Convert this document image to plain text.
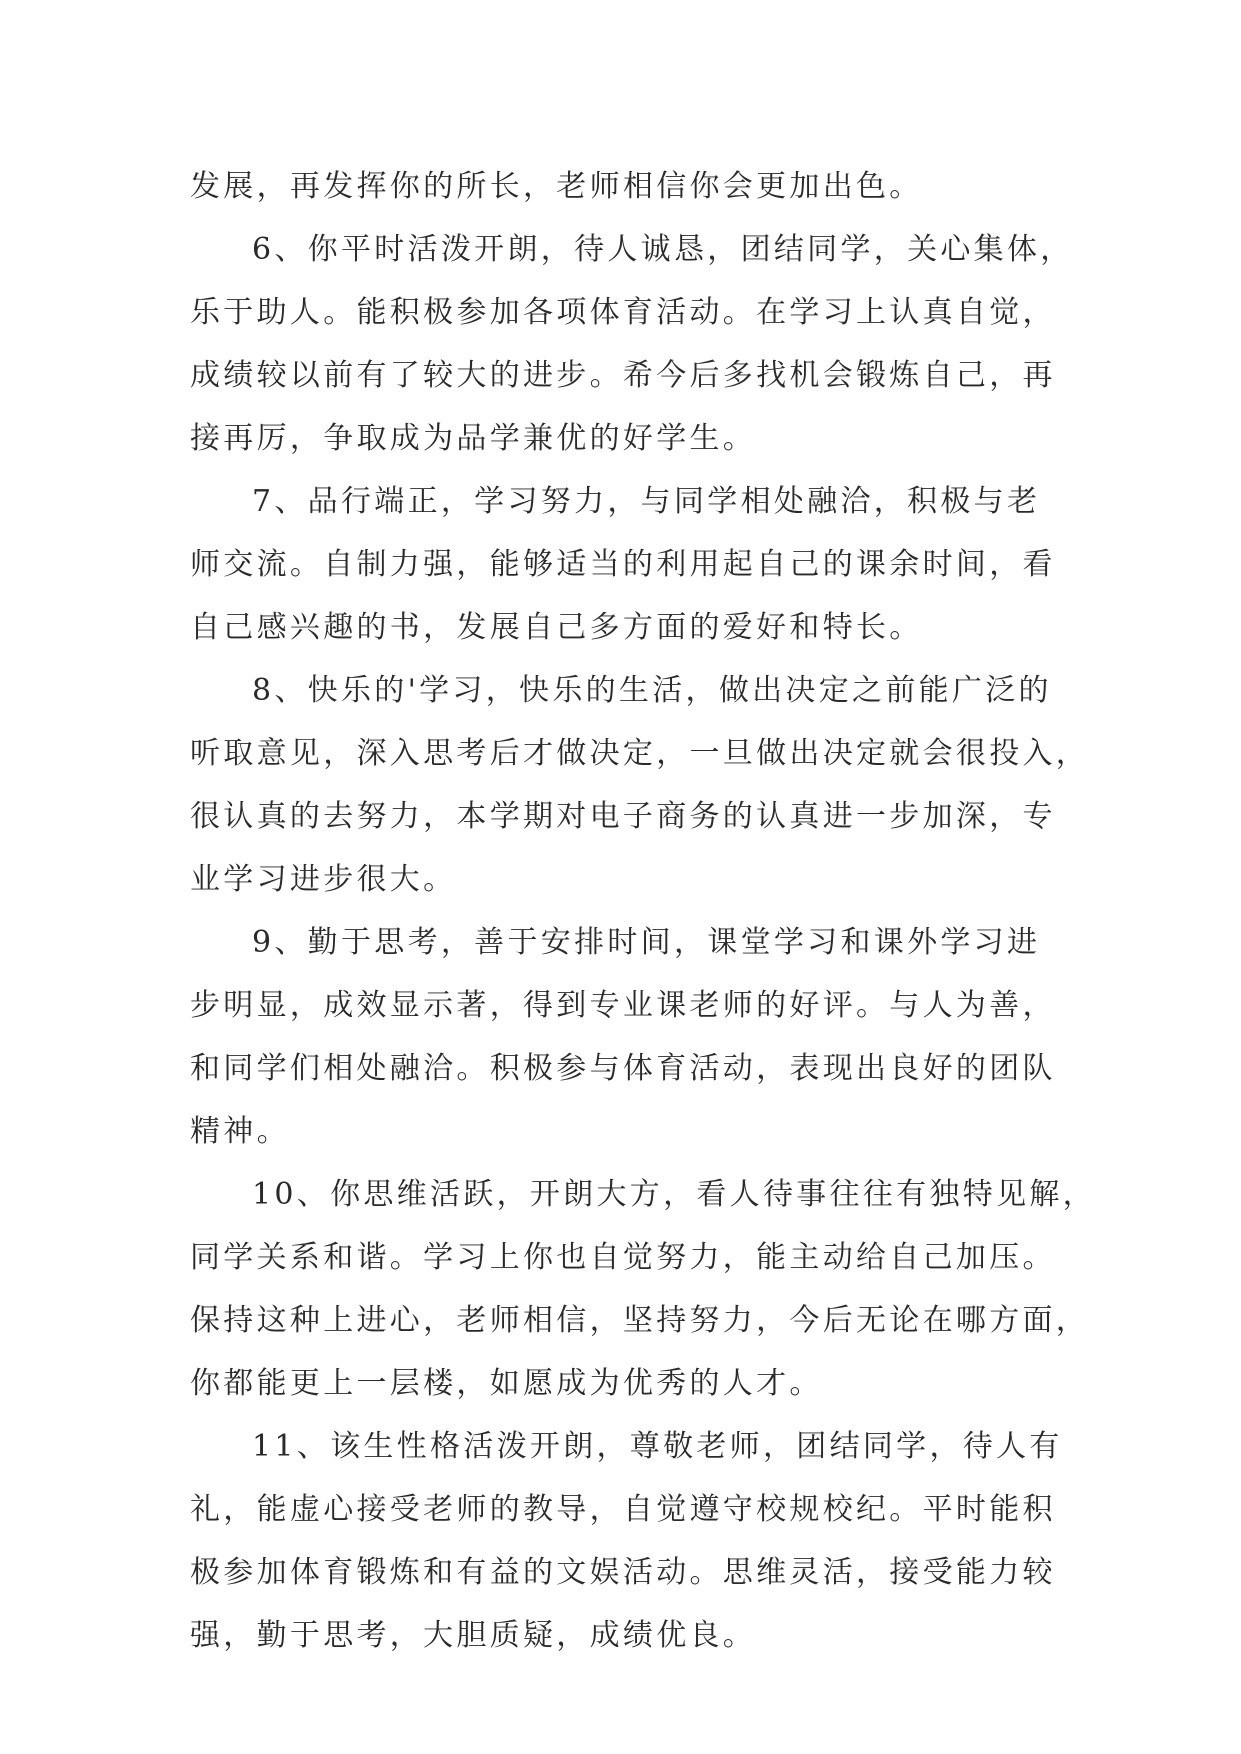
发展，再发挥你的所长，老师相信你会更加出色。
6、你平时活泼开朗，待人诚恳，团结同学，关心集体，
乐于助人。能积极参加各项体育活动。在学习上认真自觉，
成绩较以前有了较大的进步。希今后多找机会锻炼自己，再
接再厉，争取成为品学兼优的好学生。
7、品行端正，学习努力，与同学相处融洽，积极与老
师交流。自制力强，能够适当的利用起自己的课余时间，看
自己感兴趣的书，发展自己多方面的爱好和特长。
8、快乐的'学习，快乐的生活，做出决定之前能广泛的
听取意见，深入思考后才做决定，一旦做出决定就会很投入，
很认真的去努力，本学期对电子商务的认真进一步加深，专
业学习进步很大。
9、勤于思考，善于安排时间，课堂学习和课外学习进
步明显，成效显示著，得到专业课老师的好评。与人为善，
和同学们相处融洽。积极参与体育活动，表现出良好的团队
精神。
10、你思维活跃，开朗大方，看人待事往往有独特见解，
同学关系和谐。学习上你也自觉努力，能主动给自己加压。
保持这种上进心，老师相信，坚持努力，今后无论在哪方面，
你都能更上一层楼，如愿成为优秀的人才。
11、该生性格活泼开朗，尊敬老师，团结同学，待人有
礼，能虚心接受老师的教导，自觉遵守校规校纪。平时能积
极参加体育锻炼和有益的文娱活动。思维灵活，接受能力较
强，勤于思考，大胆质疑，成绩优良。
